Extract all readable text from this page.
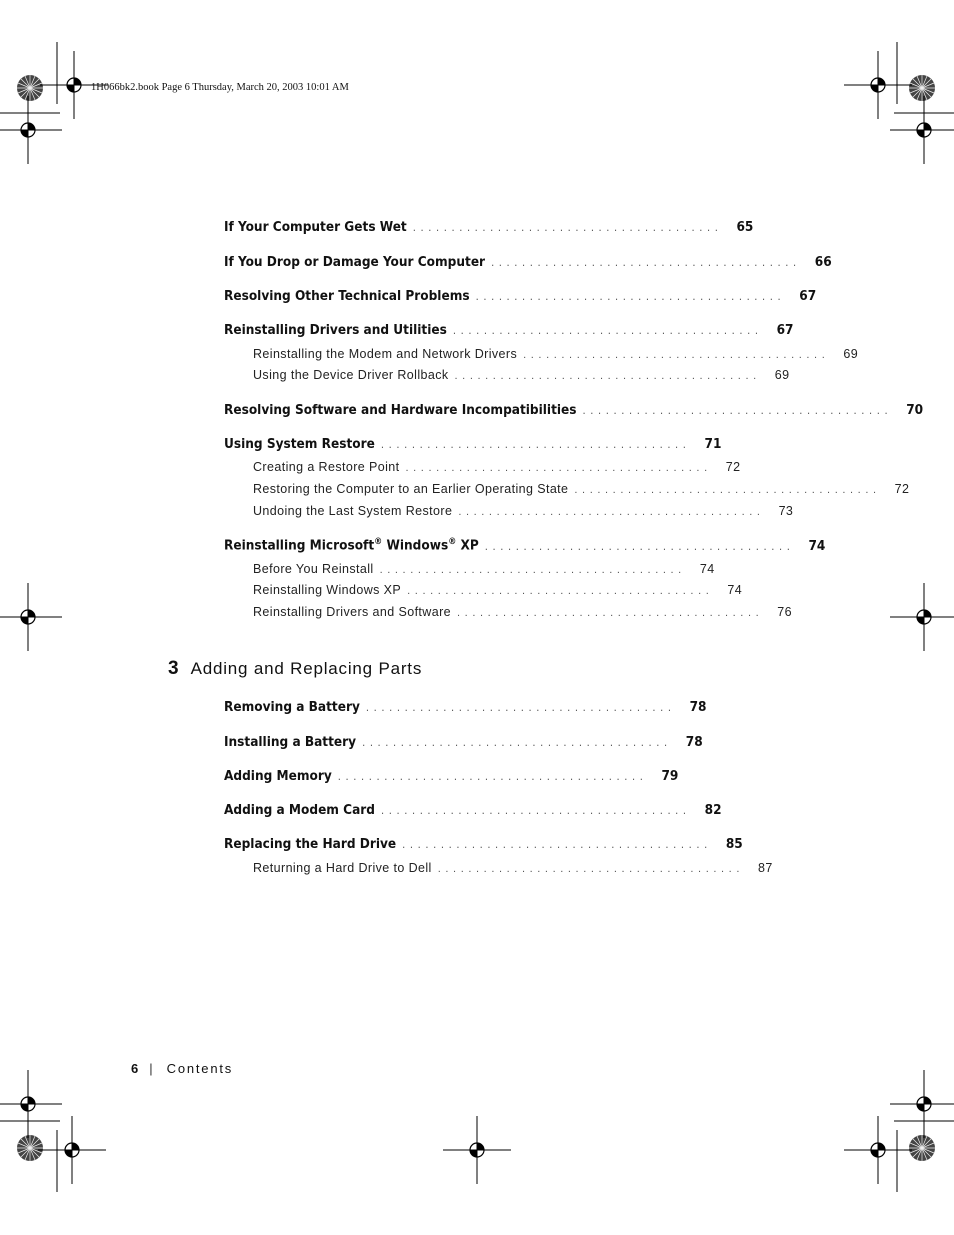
1H066bk2.book Page 6 Thursday, March 20, 2003 10:01 AM
If Your Computer Gets Wet ........................................ 65
If You Drop or Damage Your Computer ........................................ 66
Resolving Other Technical Problems ........................................ 67
Reinstalling Drivers and Utilities ........................................ 67
Reinstalling the Modem and Network Drivers ........................................ 69
Using the Device Driver Rollback ........................................ 69
Resolving Software and Hardware Incompatibilities ........................................ 70
Using System Restore ........................................ 71
Creating a Restore Point ........................................ 72
Restoring the Computer to an Earlier Operating State ........................................ 72
Undoing the Last System Restore ........................................ 73
Reinstalling Microsoft® Windows® XP ........................................ 74
Before You Reinstall ........................................ 74
Reinstalling Windows XP ........................................ 74
Reinstalling Drivers and Software ........................................ 76
3 Adding and Replacing Parts
Removing a Battery ........................................ 78
Installing a Battery ........................................ 78
Adding Memory ........................................ 79
Adding a Modem Card ........................................ 82
Replacing the Hard Drive ........................................ 85
Returning a Hard Drive to Dell ........................................ 87
6 | Contents
